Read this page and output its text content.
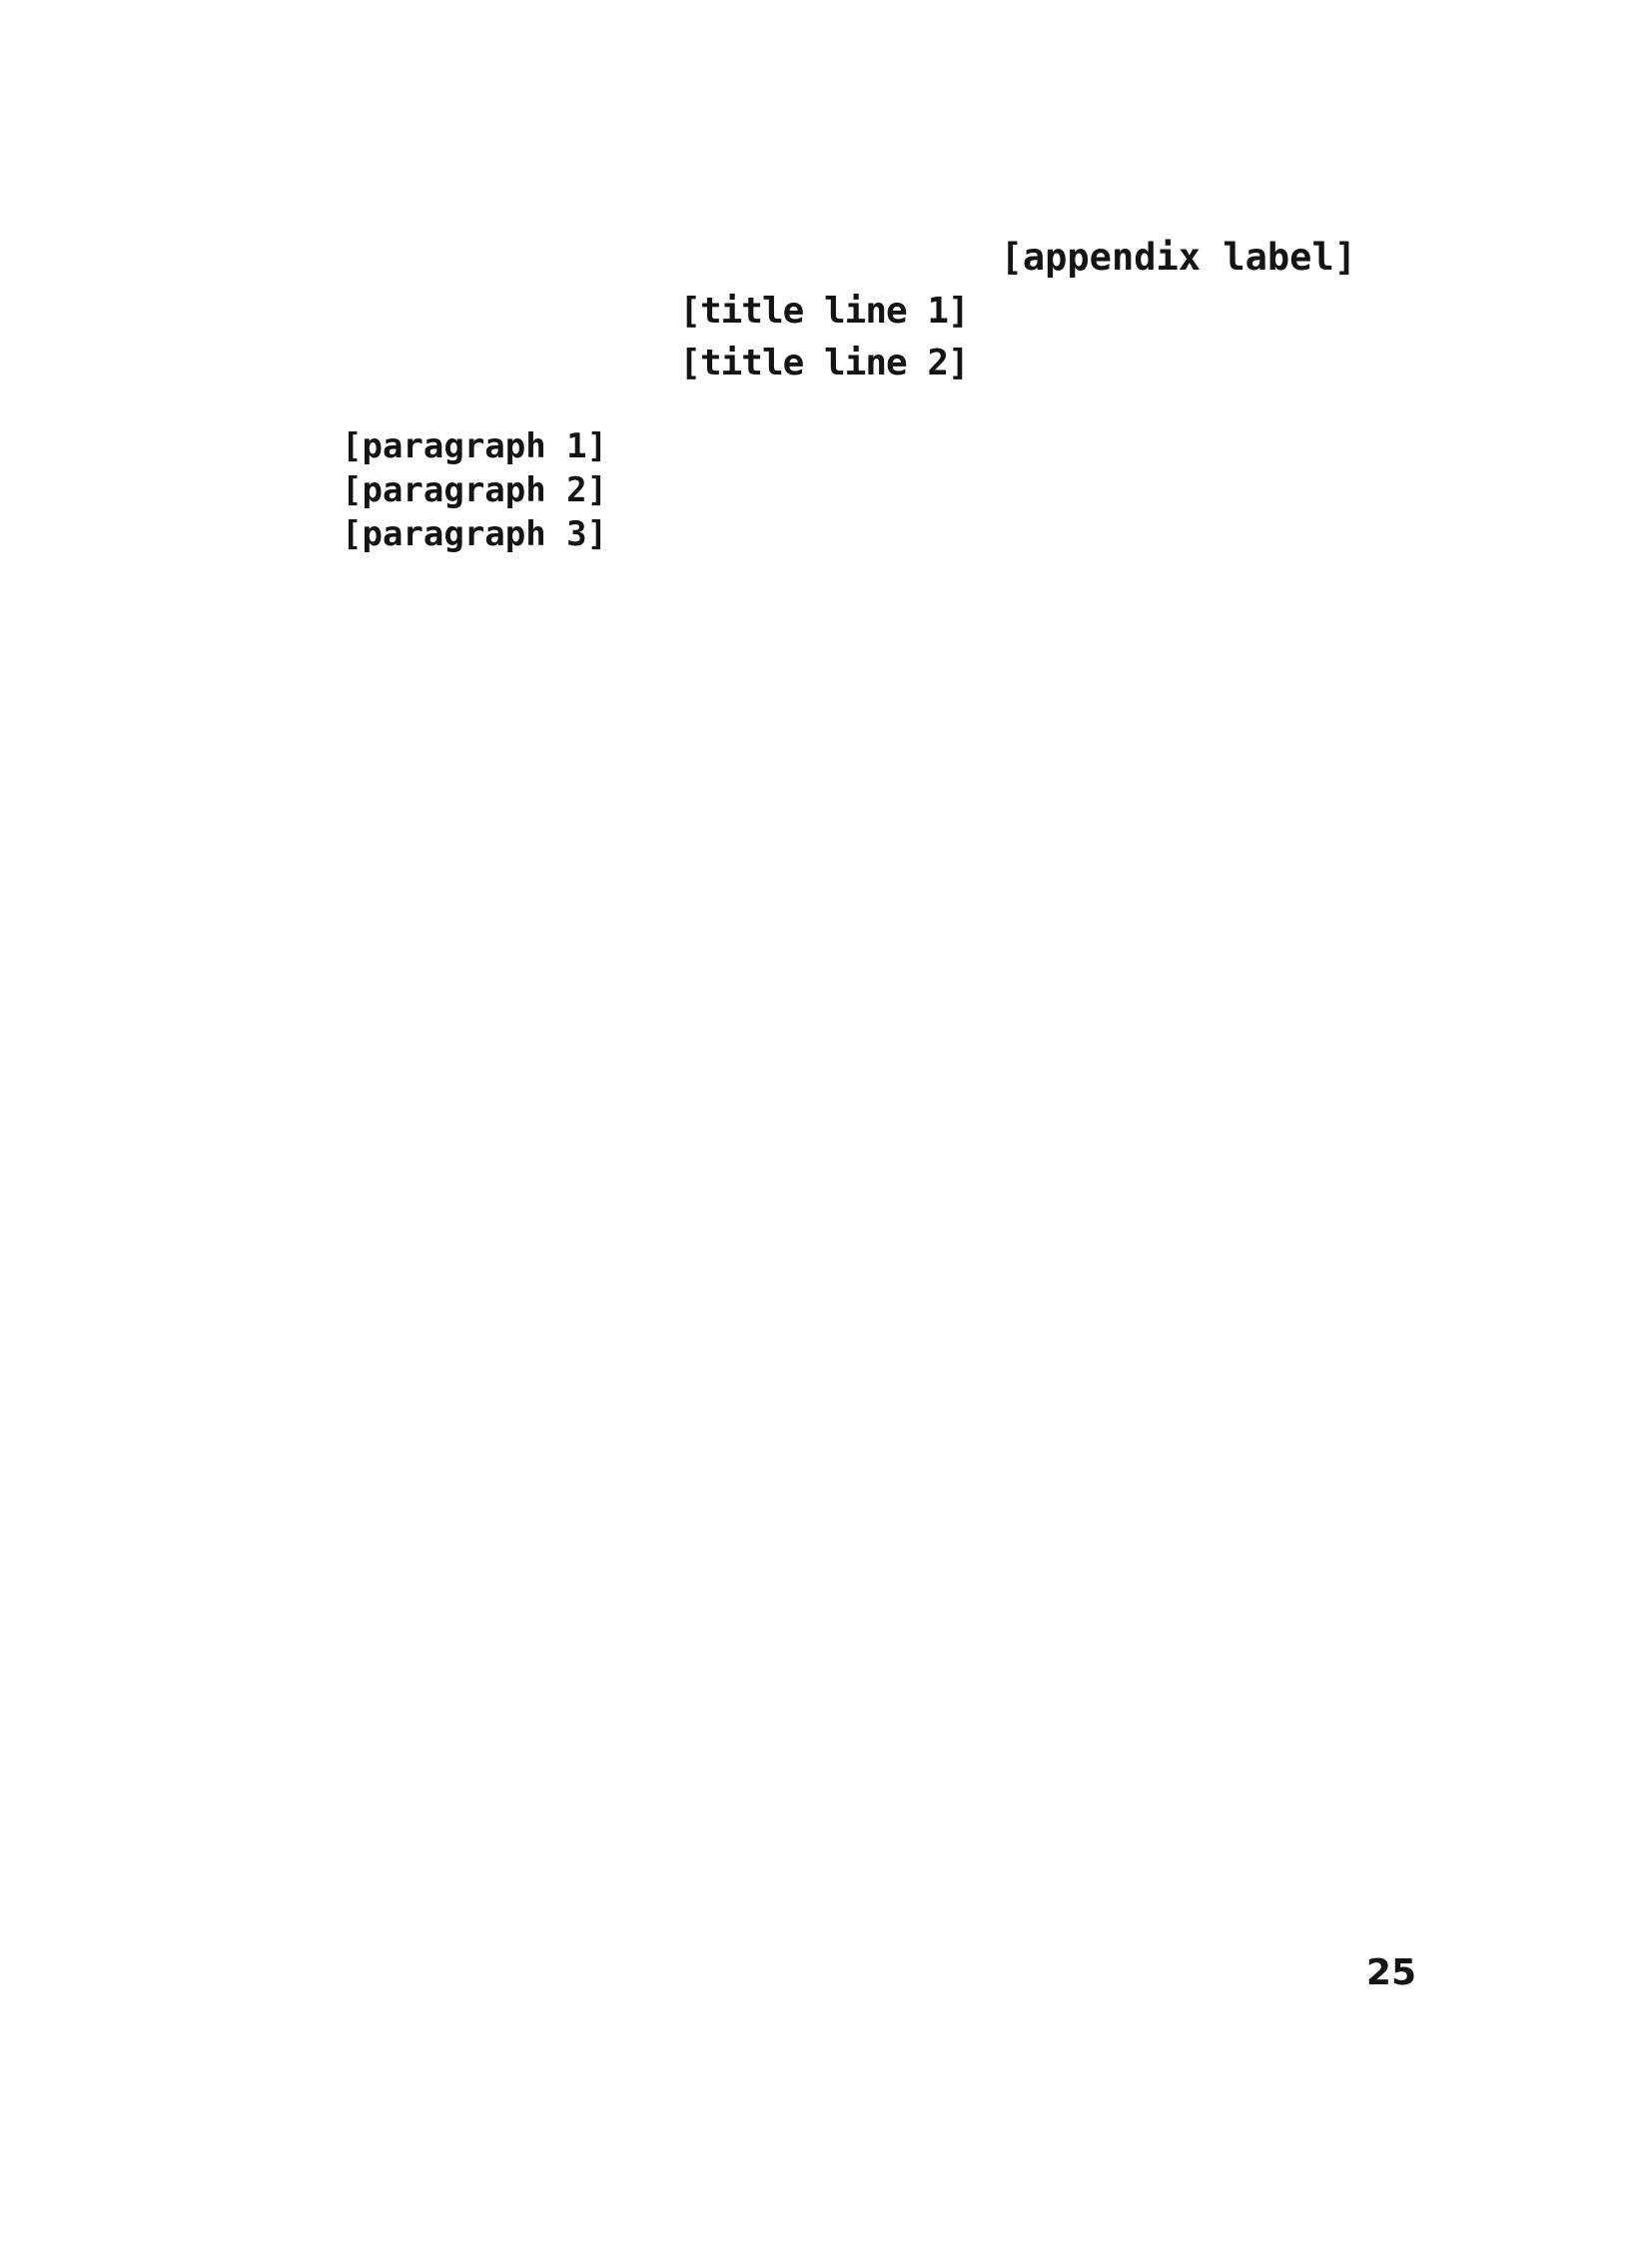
[appendix label]
[title line 1]
[title line 2]

[paragraph 1]

[paragraph 2]

[paragraph 3]

25
